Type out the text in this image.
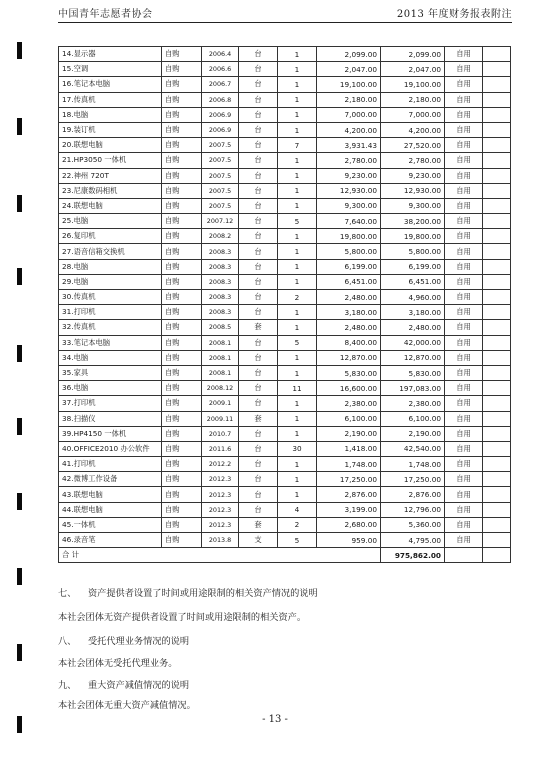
中国青年志愿者协会	2013 年度财务报表附注
14.显示器	自购	2006.4	台	1	2,099.00	2,099.00	自用	
15.空调	自购	2006.6	台	1	2,047.00	2,047.00	自用	
16.笔记本电脑	自购	2006.7	台	1	19,100.00	19,100.00	自用	
17.传真机	自购	2006.8	台	1	2,180.00	2,180.00	自用	
18.电脑	自购	2006.9	台	1	7,000.00	7,000.00	自用	
19.装订机	自购	2006.9	台	1	4,200.00	4,200.00	自用	
20.联想电脑	自购	2007.5	台	7	3,931.43	27,520.00	自用	
21.HP3050 一体机	自购	2007.5	台	1	2,780.00	2,780.00	自用	
22.神州 720T	自购	2007.5	台	1	9,230.00	9,230.00	自用	
23.尼康数码相机	自购	2007.5	台	1	12,930.00	12,930.00	自用	
24.联想电脑	自购	2007.5	台	1	9,300.00	9,300.00	自用	
25.电脑	自购	2007.12	台	5	7,640.00	38,200.00	自用	
26.复印机	自购	2008.2	台	1	19,800.00	19,800.00	自用	
27.语音信箱交换机	自购	2008.3	台	1	5,800.00	5,800.00	自用	
28.电脑	自购	2008.3	台	1	6,199.00	6,199.00	自用	
29.电脑	自购	2008.3	台	1	6,451.00	6,451.00	自用	
30.传真机	自购	2008.3	台	2	2,480.00	4,960.00	自用	
31.打印机	自购	2008.3	台	1	3,180.00	3,180.00	自用	
32.传真机	自购	2008.5	套	1	2,480.00	2,480.00	自用	
33.笔记本电脑	自购	2008.1	台	5	8,400.00	42,000.00	自用	
34.电脑	自购	2008.1	台	1	12,870.00	12,870.00	自用	
35.家具	自购	2008.1	台	1	5,830.00	5,830.00	自用	
36.电脑	自购	2008.12	台	11	16,600.00	197,083.00	自用	
37.打印机	自购	2009.1	台	1	2,380.00	2,380.00	自用	
38.扫描仪	自购	2009.11	套	1	6,100.00	6,100.00	自用	
39.HP4150 一体机	自购	2010.7	台	1	2,190.00	2,190.00	自用	
40.OFFICE2010 办公软件	自购	2011.6	台	30	1,418.00	42,540.00	自用	
41.打印机	自购	2012.2	台	1	1,748.00	1,748.00	自用	
42.微博工作设备	自购	2012.3	台	1	17,250.00	17,250.00	自用	
43.联想电脑	自购	2012.3	台	1	2,876.00	2,876.00	自用	
44.联想电脑	自购	2012.3	台	4	3,199.00	12,796.00	自用	
45.一体机	自购	2012.3	套	2	2,680.00	5,360.00	自用	
46.录音笔	自购	2013.8	支	5	959.00	4,795.00	自用	
合 计						975,862.00		
七、 资产提供者设置了时间或用途限制的相关资产情况的说明
本社会团体无资产提供者设置了时间或用途限制的相关资产。
八、 受托代理业务情况的说明
本社会团体无受托代理业务。
九、 重大资产减值情况的说明
本社会团体无重大资产减值情况。
- 13 -
